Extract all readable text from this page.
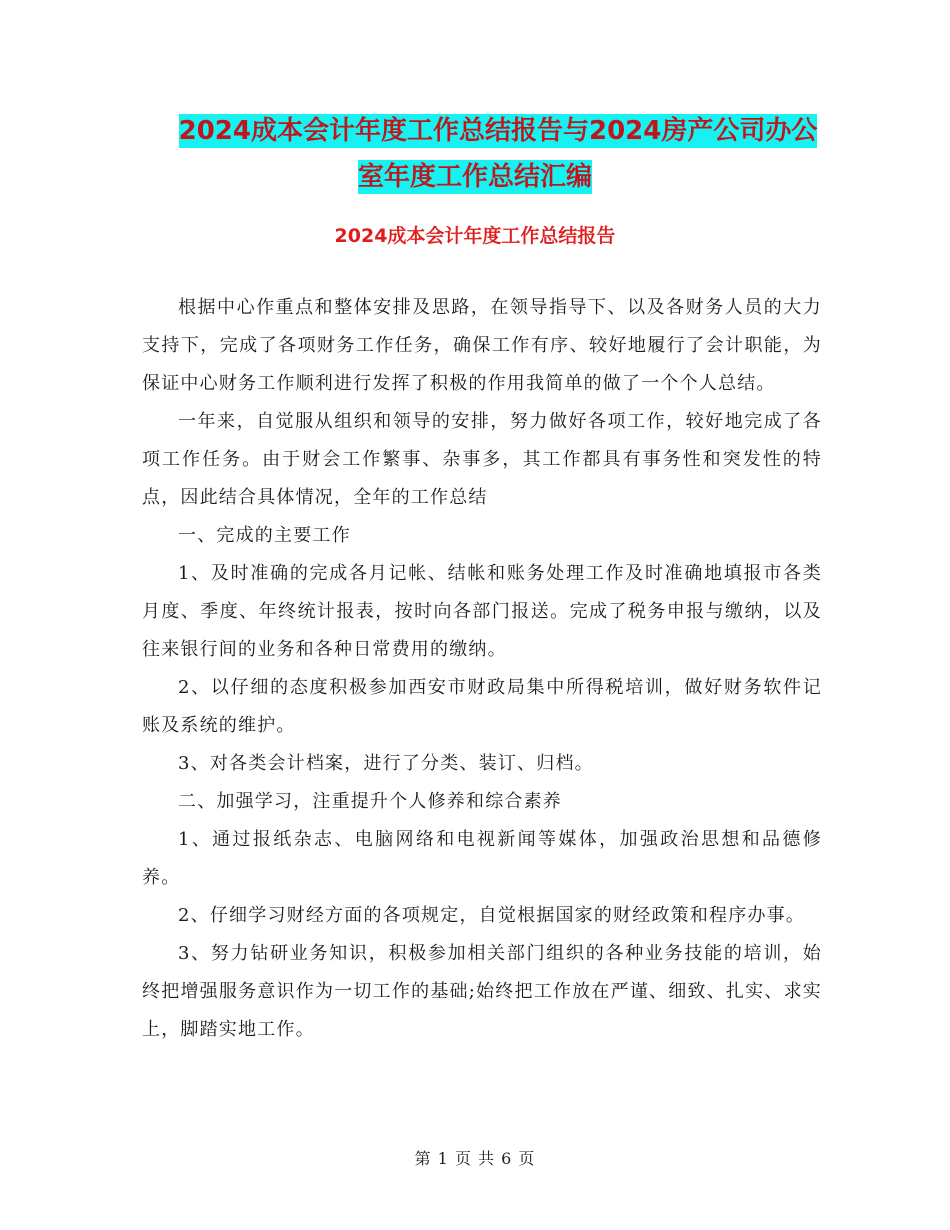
2024成本会计年度工作总结报告与2024房产公司办公
室年度工作总结汇编
2024成本会计年度工作总结报告

根据中心作重点和整体安排及思路，在领导指导下、以及各财务人员的大力支持下，完成了各项财务工作任务，确保工作有序、较好地履行了会计职能，为保证中心财务工作顺利进行发挥了积极的作用我简单的做了一个个人总结。

一年来，自觉服从组织和领导的安排，努力做好各项工作，较好地完成了各项工作任务。由于财会工作繁事、杂事多，其工作都具有事务性和突发性的特点，因此结合具体情况，全年的工作总结

一、完成的主要工作

1、及时准确的完成各月记帐、结帐和账务处理工作及时准确地填报市各类月度、季度、年终统计报表，按时向各部门报送。完成了税务申报与缴纳，以及往来银行间的业务和各种日常费用的缴纳。

2、以仔细的态度积极参加西安市财政局集中所得税培训，做好财务软件记账及系统的维护。

3、对各类会计档案，进行了分类、装订、归档。

二、加强学习，注重提升个人修养和综合素养

1、通过报纸杂志、电脑网络和电视新闻等媒体，加强政治思想和品德修养。

2、仔细学习财经方面的各项规定，自觉根据国家的财经政策和程序办事。

3、努力钻研业务知识，积极参加相关部门组织的各种业务技能的培训，始终把增强服务意识作为一切工作的基础;始终把工作放在严谨、细致、扎实、求实上，脚踏实地工作。

第 1 页 共 6 页
